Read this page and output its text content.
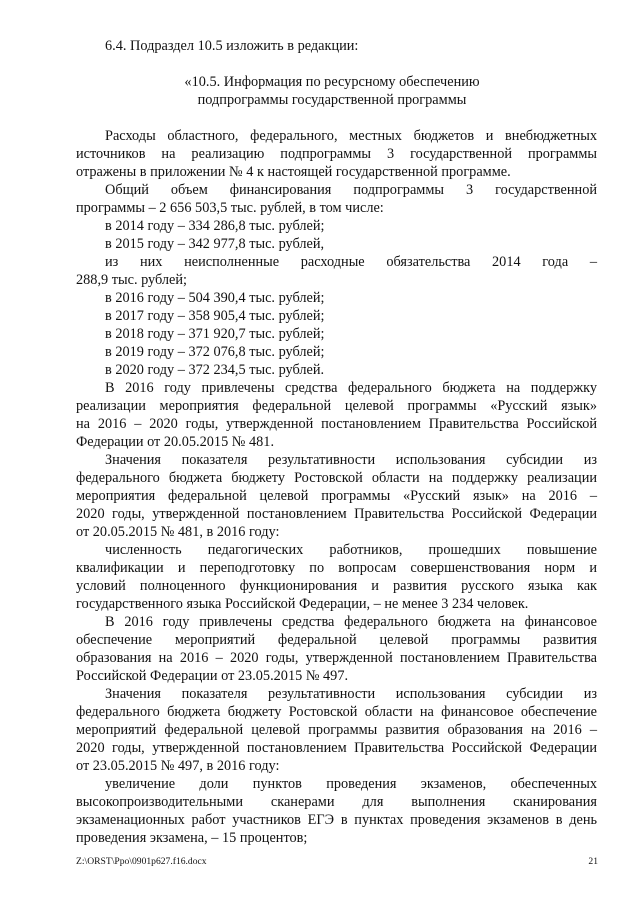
6.4. Подраздел 10.5 изложить в редакции:
«10.5. Информация по ресурсному обеспечению
подпрограммы государственной программы
Расходы областного, федерального, местных бюджетов и внебюджетных
источников на реализацию подпрограммы 3 государственной программы
отражены в приложении № 4 к настоящей государственной программе.
Общий объем финансирования подпрограммы 3 государственной
программы – 2 656 503,5 тыс. рублей, в том числе:
в 2014 году – 334 286,8 тыс. рублей;
в 2015 году – 342 977,8 тыс. рублей,
из них неисполненные расходные обязательства 2014 года –
288,9 тыс. рублей;
в 2016 году – 504 390,4 тыс. рублей;
в 2017 году – 358 905,4 тыс. рублей;
в 2018 году – 371 920,7 тыс. рублей;
в 2019 году – 372 076,8 тыс. рублей;
в 2020 году – 372 234,5 тыс. рублей.
В 2016 году привлечены средства федерального бюджета на поддержку
реализации мероприятия федеральной целевой программы «Русский язык»
на 2016 – 2020 годы, утвержденной постановлением Правительства Российской
Федерации от 20.05.2015 № 481.
Значения показателя результативности использования субсидии из
федерального бюджета бюджету Ростовской области на поддержку реализации
мероприятия федеральной целевой программы «Русский язык» на 2016 –
2020 годы, утвержденной постановлением Правительства Российской Федерации
от 20.05.2015 № 481, в 2016 году:
численность педагогических работников, прошедших повышение
квалификации и переподготовку по вопросам совершенствования норм и
условий полноценного функционирования и развития русского языка как
государственного языка Российской Федерации, – не менее 3 234 человек.
В 2016 году привлечены средства федерального бюджета на финансовое
обеспечение мероприятий федеральной целевой программы развития
образования на 2016 – 2020 годы, утвержденной постановлением Правительства
Российской Федерации от 23.05.2015 № 497.
Значения показателя результативности использования субсидии из
федерального бюджета бюджету Ростовской области на финансовое обеспечение
мероприятий федеральной целевой программы развития образования на 2016 –
2020 годы, утвержденной постановлением Правительства Российской Федерации
от 23.05.2015 № 497, в 2016 году:
увеличение доли пунктов проведения экзаменов, обеспеченных
высокопроизводительными сканерами для выполнения сканирования
экзаменационных работ участников ЕГЭ в пунктах проведения экзаменов в день
проведения экзамена, – 15 процентов;
Z:\ORST\Ppo\0901p627.f16.docx	21
